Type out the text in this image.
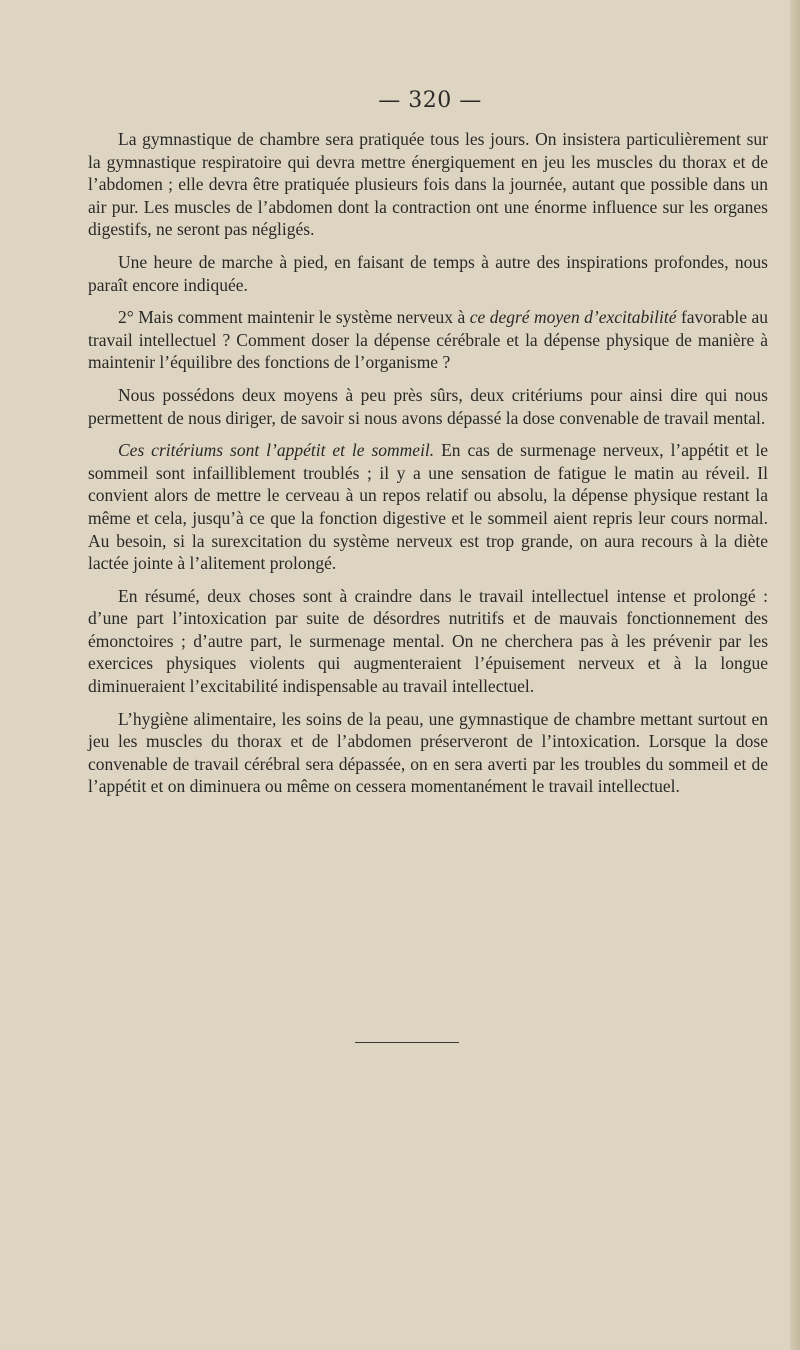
— 320 —

La gymnastique de chambre sera pratiquée tous les jours. On insistera particulièrement sur la gymnastique respiratoire qui devra mettre énergiquement en jeu les muscles du thorax et de l’abdomen ; elle devra être pratiquée plusieurs fois dans la journée, autant que possible dans un air pur. Les muscles de l’abdomen dont la contraction ont une énorme influence sur les organes digestifs, ne seront pas négligés.

Une heure de marche à pied, en faisant de temps à autre des inspirations profondes, nous paraît encore indiquée.

2° Mais comment maintenir le système nerveux à ce degré moyen d’excitabilité favorable au travail intellectuel ? Comment doser la dépense cérébrale et la dépense physique de manière à maintenir l’équilibre des fonctions de l’organisme ?

Nous possédons deux moyens à peu près sûrs, deux critériums pour ainsi dire qui nous permettent de nous diriger, de savoir si nous avons dépassé la dose convenable de travail mental.

Ces critériums sont l’appétit et le sommeil. En cas de surmenage nerveux, l’appétit et le sommeil sont infailliblement troublés ; il y a une sensation de fatigue le matin au réveil. Il convient alors de mettre le cerveau à un repos relatif ou absolu, la dépense physique restant la même et cela, jusqu’à ce que la fonction digestive et le sommeil aient repris leur cours normal. Au besoin, si la surexcitation du système nerveux est trop grande, on aura recours à la diète lactée jointe à l’alitement prolongé.

En résumé, deux choses sont à craindre dans le travail intellectuel intense et prolongé : d’une part l’intoxication par suite de désordres nutritifs et de mauvais fonctionnement des émonctoires ; d’autre part, le surmenage mental. On ne cherchera pas à les prévenir par les exercices physiques violents qui augmenteraient l’épuisement nerveux et à la longue diminueraient l’excitabilité indispensable au travail intellectuel.

L’hygiène alimentaire, les soins de la peau, une gymnastique de chambre mettant surtout en jeu les muscles du thorax et de l’abdomen préserveront de l’intoxication. Lorsque la dose convenable de travail cérébral sera dépassée, on en sera averti par les troubles du sommeil et de l’appétit et on diminuera ou même on cessera momentanément le travail intellectuel.
